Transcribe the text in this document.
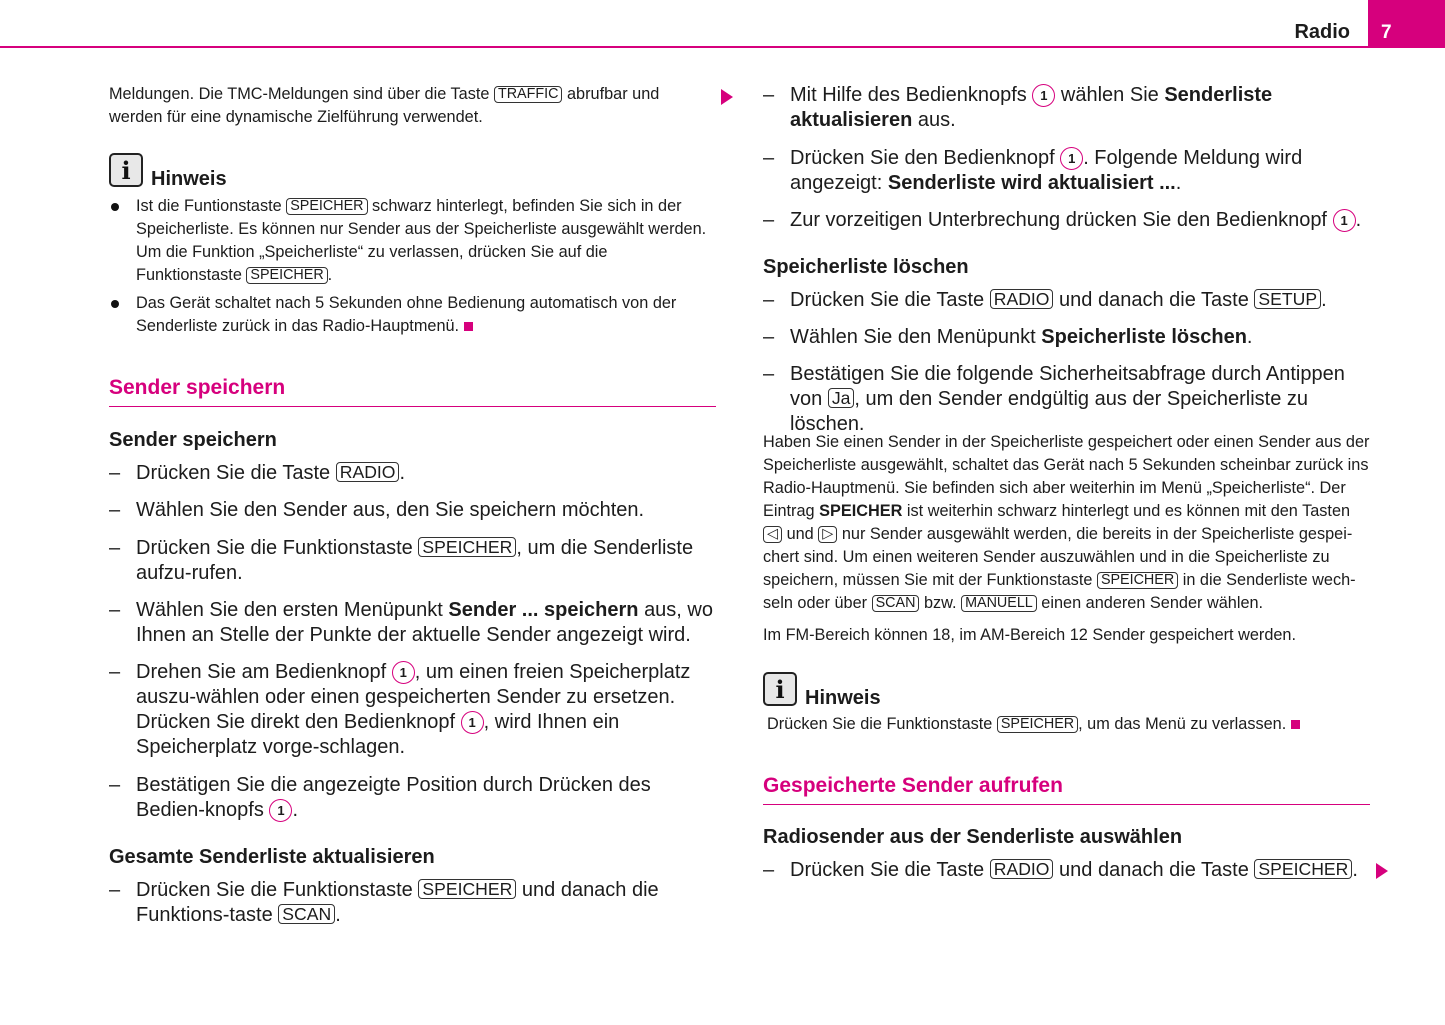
Radio	7

Meldungen. Die TMC-Meldungen sind über die Taste TRAFFIC abrufbar und werden für eine dynamische Zielführung verwendet.

i	Hinweis

Ist die Funtionstaste SPEICHER schwarz hinterlegt, befinden Sie sich in der Speicherliste. Es können nur Sender aus der Speicherliste ausgewählt werden. Um die Funktion „Speicherliste“ zu verlassen, drücken Sie auf die Funktionstaste SPEICHER .

Das Gerät schaltet nach 5 Sekunden ohne Bedienung automatisch von der Senderliste zurück in das Radio-Hauptmenü.

Sender speichern
Sender speichern
– Drücken Sie die Taste RADIO .
– Wählen Sie den Sender aus, den Sie speichern möchten.
– Drücken Sie die Funktionstaste SPEICHER , um die Senderliste aufzu-rufen.
– Wählen Sie den ersten Menüpunkt Sender ... speichern aus, wo Ihnen an Stelle der Punkte der aktuelle Sender angezeigt wird.
– Drehen Sie am Bedienknopf 1 , um einen freien Speicherplatz auszu-wählen oder einen gespeicherten Sender zu ersetzen. Drücken Sie direkt den Bedienknopf 1 , wird Ihnen ein Speicherplatz vorge-schlagen.
– Bestätigen Sie die angezeigte Position durch Drücken des Bedien-knopfs 1 .
Gesamte Senderliste aktualisieren
– Drücken Sie die Funktionstaste SPEICHER und danach die Funktions-taste SCAN .
– Mit Hilfe des Bedienknopfs 1 wählen Sie Senderliste aktualisieren aus.
– Drücken Sie den Bedienknopf 1 . Folgende Meldung wird angezeigt: Senderliste wird aktualisiert ....
– Zur vorzeitigen Unterbrechung drücken Sie den Bedienknopf 1 .
Speicherliste löschen
– Drücken Sie die Taste RADIO und danach die Taste SETUP .
– Wählen Sie den Menüpunkt Speicherliste löschen.
– Bestätigen Sie die folgende Sicherheitsabfrage durch Antippen von Ja , um den Sender endgültig aus der Speicherliste zu löschen.

Haben Sie einen Sender in der Speicherliste gespeichert oder einen Sender aus der Speicherliste ausgewählt, schaltet das Gerät nach 5 Sekunden scheinbar zurück ins Radio-Hauptmenü. Sie befinden sich aber weiterhin im Menü „Speicherliste“. Der Eintrag SPEICHER ist weiterhin schwarz hinterlegt und es können mit den Tasten ◁ und ▷ nur Sender ausgewählt werden, die bereits in der Speicherliste gespei-chert sind. Um einen weiteren Sender auszuwählen und in die Speicherliste zu speichern, müssen Sie mit der Funktionstaste SPEICHER in die Senderliste wech-seln oder über SCAN bzw. MANUELL einen anderen Sender wählen.

Im FM-Bereich können 18, im AM-Bereich 12 Sender gespeichert werden.

i	Hinweis

Drücken Sie die Funktionstaste SPEICHER , um das Menü zu verlassen.

Gespeicherte Sender aufrufen
Radiosender aus der Senderliste auswählen
– Drücken Sie die Taste RADIO und danach die Taste SPEICHER .
